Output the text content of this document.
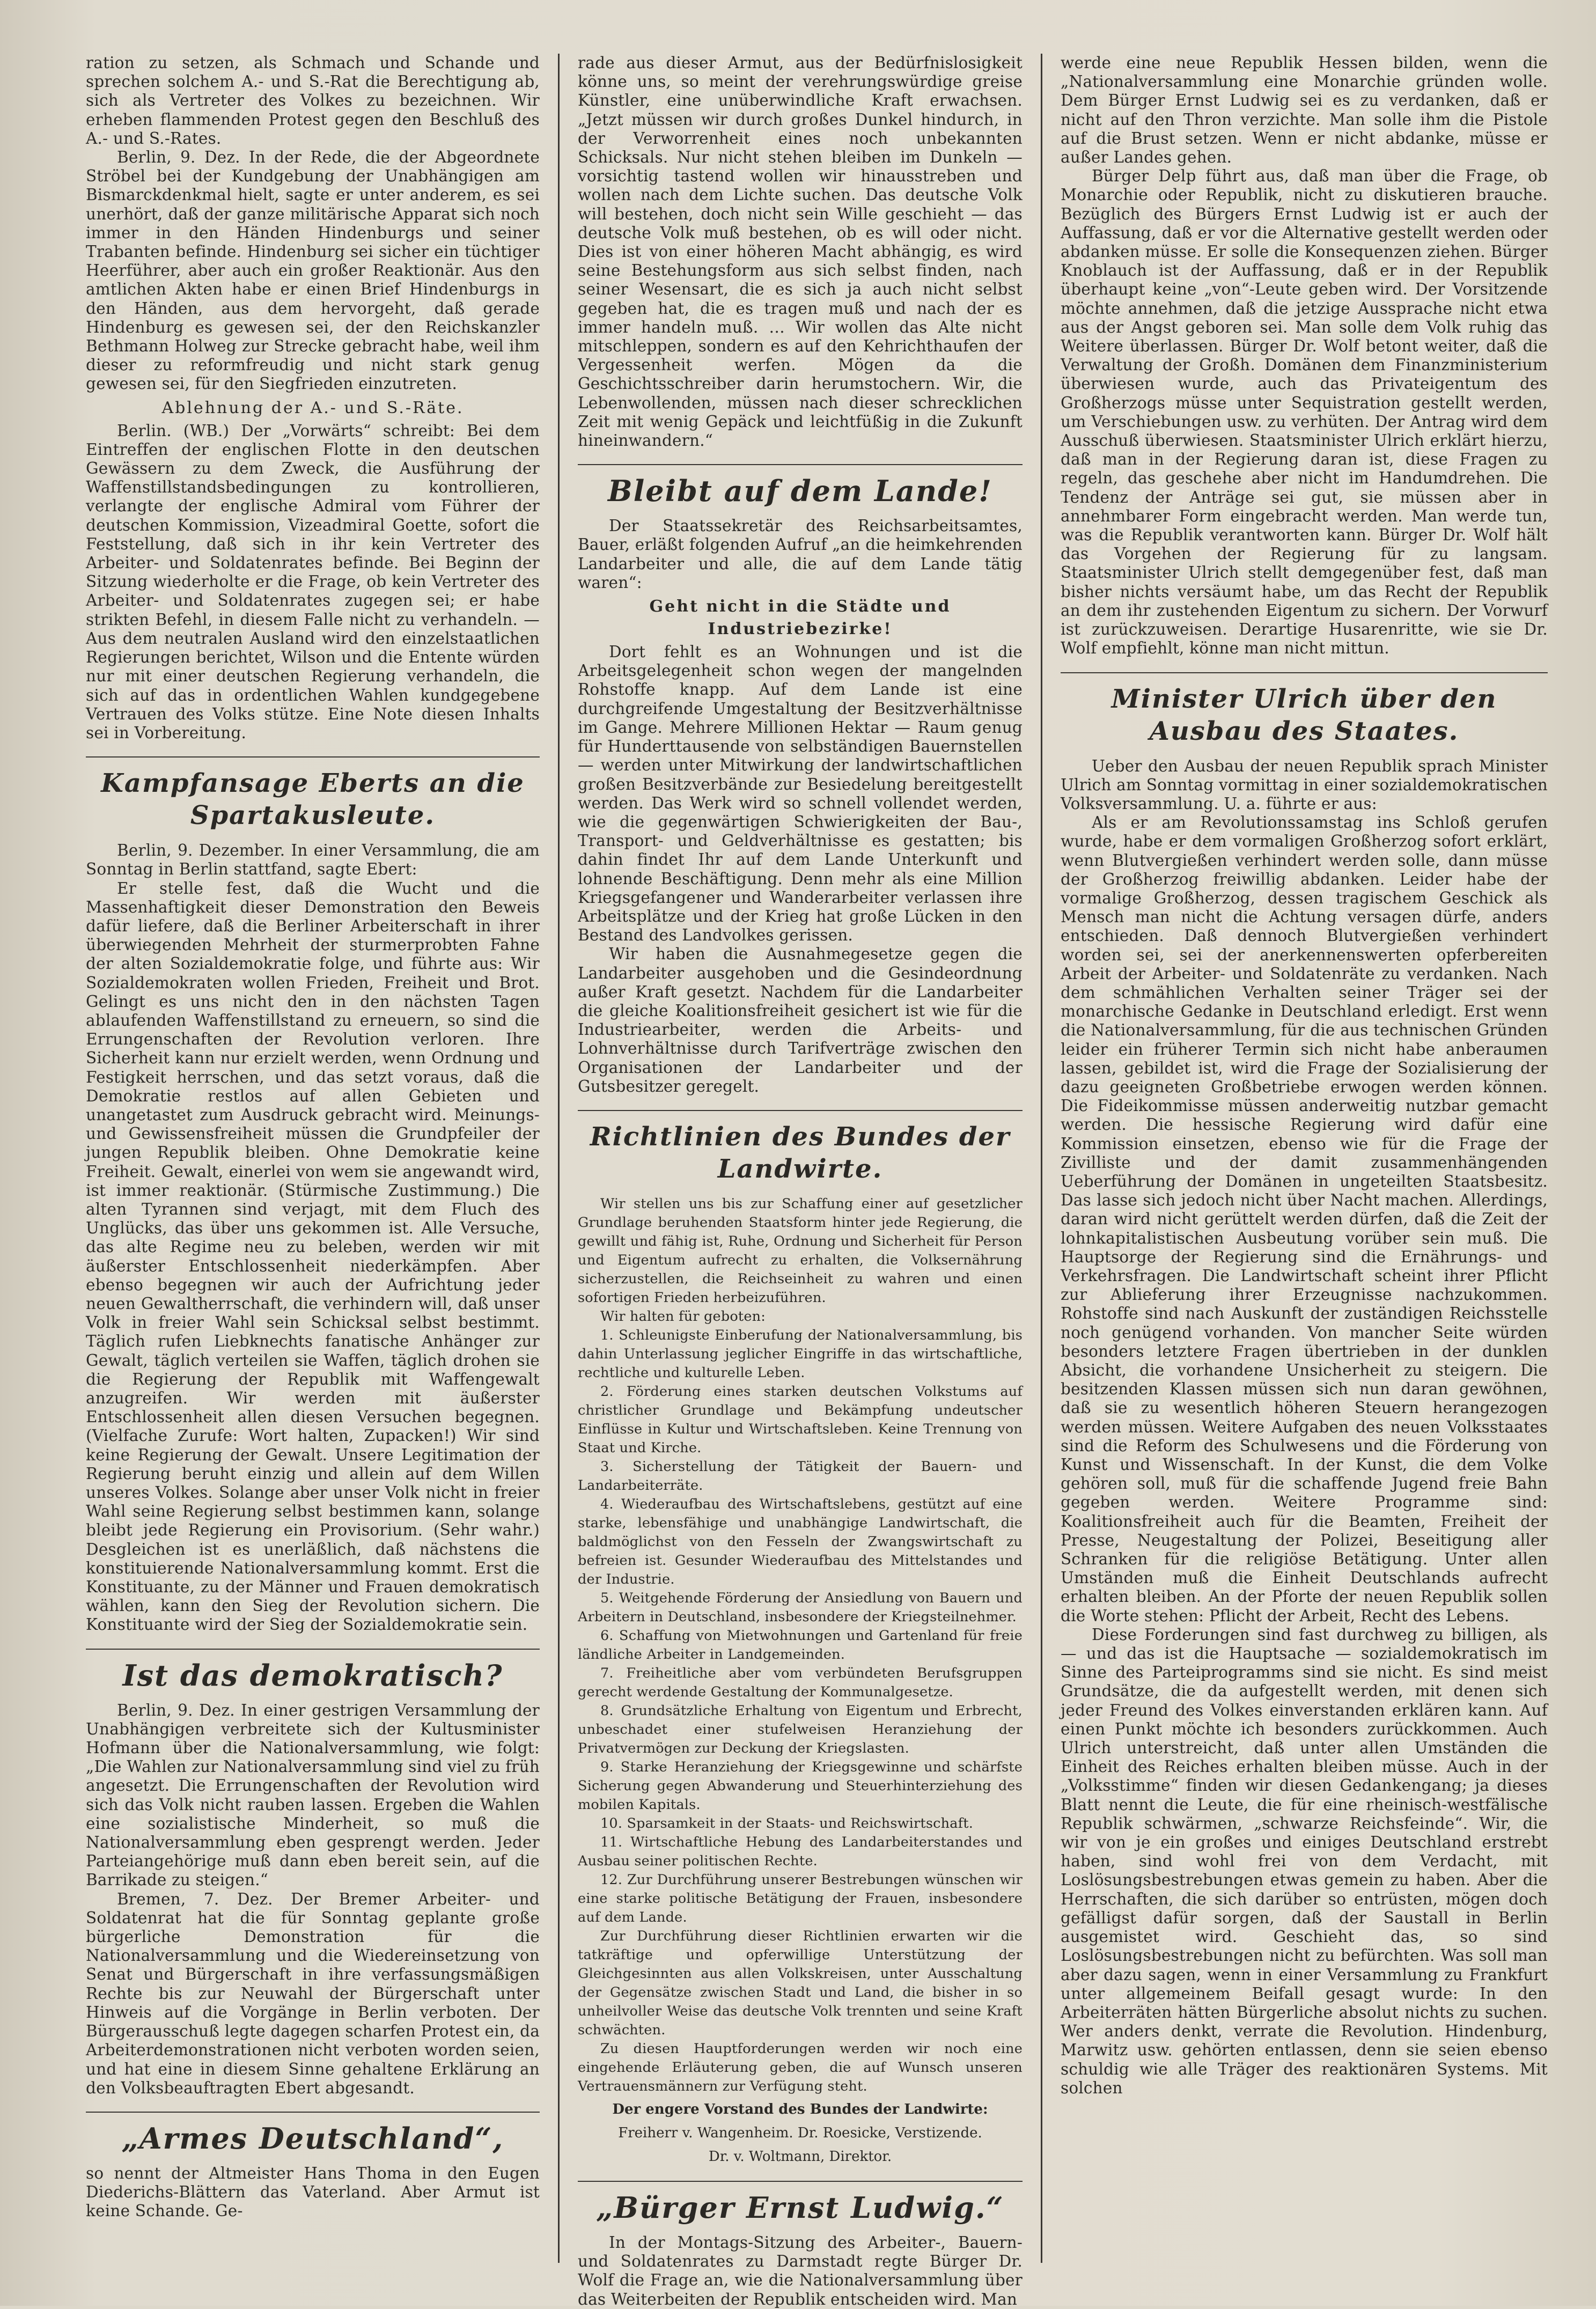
ration zu setzen, als Schmach und Schande und sprechen solchem A.- und S.-Rat die Berechtigung ab, sich als Vertreter des Volkes zu bezeichnen. Wir erheben flammenden Protest gegen den Beschluß des A.- und S.-Rates.

Berlin, 9. Dez. In der Rede, die der Abgeordnete Ströbel bei der Kundgebung der Unabhängigen am Bismarckdenkmal hielt, sagte er unter anderem, es sei unerhört, daß der ganze militärische Apparat sich noch immer in den Händen Hindenburgs und seiner Trabanten befinde. Hindenburg sei sicher ein tüchtiger Heerführer, aber auch ein großer Reaktionär. Aus den amtlichen Akten habe er einen Brief Hindenburgs in den Händen, aus dem hervorgeht, daß gerade Hindenburg es gewesen sei, der den Reichskanzler Bethmann Holweg zur Strecke gebracht habe, weil ihm dieser zu reformfreudig und nicht stark genug gewesen sei, für den Siegfrieden einzutreten.

Ablehnung der A.- und S.-Räte.

Berlin. (WB.) Der „Vorwärts“ schreibt: Bei dem Eintreffen der englischen Flotte in den deutschen Gewässern zu dem Zweck, die Ausführung der Waffenstillstandsbedingungen zu kontrollieren, verlangte der englische Admiral vom Führer der deutschen Kommission, Vizeadmiral Goette, sofort die Feststellung, daß sich in ihr kein Vertreter des Arbeiter- und Soldatenrates befinde. Bei Beginn der Sitzung wiederholte er die Frage, ob kein Vertreter des Arbeiter- und Soldatenrates zugegen sei; er habe strikten Befehl, in diesem Falle nicht zu verhandeln. — Aus dem neutralen Ausland wird den einzelstaatlichen Regierungen berichtet, Wilson und die Entente würden nur mit einer deutschen Regierung verhandeln, die sich auf das in ordentlichen Wahlen kundgegebene Vertrauen des Volks stütze. Eine Note diesen Inhalts sei in Vorbereitung.

Kampfansage Eberts an die Spartakusleute.

Berlin, 9. Dezember. In einer Versammlung, die am Sonntag in Berlin stattfand, sagte Ebert:

Er stelle fest, daß die Wucht und die Massenhaftigkeit dieser Demonstration den Beweis dafür liefere, daß die Berliner Arbeiterschaft in ihrer überwiegenden Mehrheit der sturmerprobten Fahne der alten Sozialdemokratie folge, und führte aus: Wir Sozialdemokraten wollen Frieden, Freiheit und Brot. Gelingt es uns nicht den in den nächsten Tagen ablaufenden Waffenstillstand zu erneuern, so sind die Errungenschaften der Revolution verloren. Ihre Sicherheit kann nur erzielt werden, wenn Ordnung und Festigkeit herrschen, und das setzt voraus, daß die Demokratie restlos auf allen Gebieten und unangetastet zum Ausdruck gebracht wird. Meinungs- und Gewissensfreiheit müssen die Grundpfeiler der jungen Republik bleiben. Ohne Demokratie keine Freiheit. Gewalt, einerlei von wem sie angewandt wird, ist immer reaktionär. (Stürmische Zustimmung.) Die alten Tyrannen sind verjagt, mit dem Fluch des Unglücks, das über uns gekommen ist. Alle Versuche, das alte Regime neu zu beleben, werden wir mit äußerster Entschlossenheit niederkämpfen. Aber ebenso begegnen wir auch der Aufrichtung jeder neuen Gewaltherrschaft, die verhindern will, daß unser Volk in freier Wahl sein Schicksal selbst bestimmt. Täglich rufen Liebknechts fanatische Anhänger zur Gewalt, täglich verteilen sie Waffen, täglich drohen sie die Regierung der Republik mit Waffengewalt anzugreifen. Wir werden mit äußerster Entschlossenheit allen diesen Versuchen begegnen. (Vielfache Zurufe: Wort halten, Zupacken!) Wir sind keine Regierung der Gewalt. Unsere Legitimation der Regierung beruht einzig und allein auf dem Willen unseres Volkes. Solange aber unser Volk nicht in freier Wahl seine Regierung selbst bestimmen kann, solange bleibt jede Regierung ein Provisorium. (Sehr wahr.) Desgleichen ist es unerläßlich, daß nächstens die konstituierende Nationalversammlung kommt. Erst die Konstituante, zu der Männer und Frauen demokratisch wählen, kann den Sieg der Revolution sichern. Die Konstituante wird der Sieg der Sozialdemokratie sein.

Ist das demokratisch?

Berlin, 9. Dez. In einer gestrigen Versammlung der Unabhängigen verbreitete sich der Kultusminister Hofmann über die Nationalversammlung, wie folgt: „Die Wahlen zur Nationalversammlung sind viel zu früh angesetzt. Die Errungenschaften der Revolution wird sich das Volk nicht rauben lassen. Ergeben die Wahlen eine sozialistische Minderheit, so muß die Nationalversammlung eben gesprengt werden. Jeder Parteiangehörige muß dann eben bereit sein, auf die Barrikade zu steigen.“

Bremen, 7. Dez. Der Bremer Arbeiter- und Soldatenrat hat die für Sonntag geplante große bürgerliche Demonstration für die Nationalversammlung und die Wiedereinsetzung von Senat und Bürgerschaft in ihre verfassungsmäßigen Rechte bis zur Neuwahl der Bürgerschaft unter Hinweis auf die Vorgänge in Berlin verboten. Der Bürgerausschuß legte dagegen scharfen Protest ein, da Arbeiterdemonstrationen nicht verboten worden seien, und hat eine in diesem Sinne gehaltene Erklärung an den Volksbeauftragten Ebert abgesandt.

„Armes Deutschland“,

so nennt der Altmeister Hans Thoma in den Eugen Diederichs-Blättern das Vaterland. Aber Armut ist keine Schande. Ge-

rade aus dieser Armut, aus der Bedürfnislosigkeit könne uns, so meint der verehrungswürdige greise Künstler, eine unüberwindliche Kraft erwachsen. „Jetzt müssen wir durch großes Dunkel hindurch, in der Verworrenheit eines noch unbekannten Schicksals. Nur nicht stehen bleiben im Dunkeln — vorsichtig tastend wollen wir hinausstreben und wollen nach dem Lichte suchen. Das deutsche Volk will bestehen, doch nicht sein Wille geschieht — das deutsche Volk muß bestehen, ob es will oder nicht. Dies ist von einer höheren Macht abhängig, es wird seine Bestehungsform aus sich selbst finden, nach seiner Wesensart, die es sich ja auch nicht selbst gegeben hat, die es tragen muß und nach der es immer handeln muß. … Wir wollen das Alte nicht mitschleppen, sondern es auf den Kehrichthaufen der Vergessenheit werfen. Mögen da die Geschichtsschreiber darin herumstochern. Wir, die Lebenwollenden, müssen nach dieser schrecklichen Zeit mit wenig Gepäck und leichtfüßig in die Zukunft hineinwandern.“

Bleibt auf dem Lande!

Der Staatssekretär des Reichsarbeitsamtes, Bauer, erläßt folgenden Aufruf „an die heimkehrenden Landarbeiter und alle, die auf dem Lande tätig waren“:

Geht nicht in die Städte und Industriebezirke!

Dort fehlt es an Wohnungen und ist die Arbeitsgelegenheit schon wegen der mangelnden Rohstoffe knapp. Auf dem Lande ist eine durchgreifende Umgestaltung der Besitzverhältnisse im Gange. Mehrere Millionen Hektar — Raum genug für Hunderttausende von selbständigen Bauernstellen — werden unter Mitwirkung der landwirtschaftlichen großen Besitzverbände zur Besiedelung bereitgestellt werden. Das Werk wird so schnell vollendet werden, wie die gegenwärtigen Schwierigkeiten der Bau-, Transport- und Geldverhältnisse es gestatten; bis dahin findet Ihr auf dem Lande Unterkunft und lohnende Beschäftigung. Denn mehr als eine Million Kriegsgefangener und Wanderarbeiter verlassen ihre Arbeitsplätze und der Krieg hat große Lücken in den Bestand des Landvolkes gerissen.

Wir haben die Ausnahmegesetze gegen die Landarbeiter ausgehoben und die Gesindeordnung außer Kraft gesetzt. Nachdem für die Landarbeiter die gleiche Koalitionsfreiheit gesichert ist wie für die Industriearbeiter, werden die Arbeits- und Lohnverhältnisse durch Tarifverträge zwischen den Organisationen der Landarbeiter und der Gutsbesitzer geregelt.

Richtlinien des Bundes der Landwirte.

Wir stellen uns bis zur Schaffung einer auf gesetzlicher Grundlage beruhenden Staatsform hinter jede Regierung, die gewillt und fähig ist, Ruhe, Ordnung und Sicherheit für Person und Eigentum aufrecht zu erhalten, die Volksernährung sicherzustellen, die Reichseinheit zu wahren und einen sofortigen Frieden herbeizuführen.

Wir halten für geboten:

1. Schleunigste Einberufung der Nationalversammlung, bis dahin Unterlassung jeglicher Eingriffe in das wirtschaftliche, rechtliche und kulturelle Leben.

2. Förderung eines starken deutschen Volkstums auf christlicher Grundlage und Bekämpfung undeutscher Einflüsse in Kultur und Wirtschaftsleben. Keine Trennung von Staat und Kirche.

3. Sicherstellung der Tätigkeit der Bauern- und Landarbeiterräte.

4. Wiederaufbau des Wirtschaftslebens, gestützt auf eine starke, lebensfähige und unabhängige Landwirtschaft, die baldmöglichst von den Fesseln der Zwangswirtschaft zu befreien ist. Gesunder Wiederaufbau des Mittelstandes und der Industrie.

5. Weitgehende Förderung der Ansiedlung von Bauern und Arbeitern in Deutschland, insbesondere der Kriegsteilnehmer.

6. Schaffung von Mietwohnungen und Gartenland für freie ländliche Arbeiter in Landgemeinden.

7. Freiheitliche aber vom verbündeten Berufsgruppen gerecht werdende Gestaltung der Kommunalgesetze.

8. Grundsätzliche Erhaltung von Eigentum und Erbrecht, unbeschadet einer stufelweisen Heranziehung der Privatvermögen zur Deckung der Kriegslasten.

9. Starke Heranziehung der Kriegsgewinne und schärfste Sicherung gegen Abwanderung und Steuerhinterziehung des mobilen Kapitals.

10. Sparsamkeit in der Staats- und Reichswirtschaft.

11. Wirtschaftliche Hebung des Landarbeiterstandes und Ausbau seiner politischen Rechte.

12. Zur Durchführung unserer Bestrebungen wünschen wir eine starke politische Betätigung der Frauen, insbesondere auf dem Lande.

Zur Durchführung dieser Richtlinien erwarten wir die tatkräftige und opferwillige Unterstützung der Gleichgesinnten aus allen Volkskreisen, unter Ausschaltung der Gegensätze zwischen Stadt und Land, die bisher in so unheilvoller Weise das deutsche Volk trennten und seine Kraft schwächten.

Zu diesen Hauptforderungen werden wir noch eine eingehende Erläuterung geben, die auf Wunsch unseren Vertrauensmännern zur Verfügung steht.

Der engere Vorstand des Bundes der Landwirte:
Freiherr v. Wangenheim. Dr. Roesicke, Verstizende.
Dr. v. Woltmann, Direktor.
„Bürger Ernst Ludwig.“

In der Montags-Sitzung des Arbeiter-, Bauern- und Soldatenrates zu Darmstadt regte Bürger Dr. Wolf die Frage an, wie die Nationalversammlung über das Weiterbeiten der Republik entscheiden wird. Man

werde eine neue Republik Hessen bilden, wenn die „Nationalversammlung eine Monarchie gründen wolle. Dem Bürger Ernst Ludwig sei es zu verdanken, daß er nicht auf den Thron verzichte. Man solle ihm die Pistole auf die Brust setzen. Wenn er nicht abdanke, müsse er außer Landes gehen.

Bürger Delp führt aus, daß man über die Frage, ob Monarchie oder Republik, nicht zu diskutieren brauche. Bezüglich des Bürgers Ernst Ludwig ist er auch der Auffassung, daß er vor die Alternative gestellt werden oder abdanken müsse. Er solle die Konsequenzen ziehen. Bürger Knoblauch ist der Auffassung, daß er in der Republik überhaupt keine „von“-Leute geben wird. Der Vorsitzende möchte annehmen, daß die jetzige Aussprache nicht etwa aus der Angst geboren sei. Man solle dem Volk ruhig das Weitere überlassen. Bürger Dr. Wolf betont weiter, daß die Verwaltung der Großh. Domänen dem Finanzministerium überwiesen wurde, auch das Privateigentum des Großherzogs müsse unter Sequistration gestellt werden, um Verschiebungen usw. zu verhüten. Der Antrag wird dem Ausschuß überwiesen. Staatsminister Ulrich erklärt hierzu, daß man in der Regierung daran ist, diese Fragen zu regeln, das geschehe aber nicht im Handumdrehen. Die Tendenz der Anträge sei gut, sie müssen aber in annehmbarer Form eingebracht werden. Man werde tun, was die Republik verantworten kann. Bürger Dr. Wolf hält das Vorgehen der Regierung für zu langsam. Staatsminister Ulrich stellt demgegenüber fest, daß man bisher nichts versäumt habe, um das Recht der Republik an dem ihr zustehenden Eigentum zu sichern. Der Vorwurf ist zurückzuweisen. Derartige Husarenritte, wie sie Dr. Wolf empfiehlt, könne man nicht mittun.

Minister Ulrich über den Ausbau des Staates.

Ueber den Ausbau der neuen Republik sprach Minister Ulrich am Sonntag vormittag in einer sozialdemokratischen Volksversammlung. U. a. führte er aus:

Als er am Revolutionssamstag ins Schloß gerufen wurde, habe er dem vormaligen Großherzog sofort erklärt, wenn Blutvergießen verhindert werden solle, dann müsse der Großherzog freiwillig abdanken. Leider habe der vormalige Großherzog, dessen tragischem Geschick als Mensch man nicht die Achtung versagen dürfe, anders entschieden. Daß dennoch Blutvergießen verhindert worden sei, sei der anerkennenswerten opferbereiten Arbeit der Arbeiter- und Soldatenräte zu verdanken. Nach dem schmählichen Verhalten seiner Träger sei der monarchische Gedanke in Deutschland erledigt. Erst wenn die Nationalversammlung, für die aus technischen Gründen leider ein früherer Termin sich nicht habe anberaumen lassen, gebildet ist, wird die Frage der Sozialisierung der dazu geeigneten Großbetriebe erwogen werden können. Die Fideikommisse müssen anderweitig nutzbar gemacht werden. Die hessische Regierung wird dafür eine Kommission einsetzen, ebenso wie für die Frage der Zivilliste und der damit zusammenhängenden Ueberführung der Domänen in ungeteilten Staatsbesitz. Das lasse sich jedoch nicht über Nacht machen. Allerdings, daran wird nicht gerüttelt werden dürfen, daß die Zeit der lohnkapitalistischen Ausbeutung vorüber sein muß. Die Hauptsorge der Regierung sind die Ernährungs- und Verkehrsfragen. Die Landwirtschaft scheint ihrer Pflicht zur Ablieferung ihrer Erzeugnisse nachzukommen. Rohstoffe sind nach Auskunft der zuständigen Reichsstelle noch genügend vorhanden. Von mancher Seite würden besonders letztere Fragen übertrieben in der dunklen Absicht, die vorhandene Unsicherheit zu steigern. Die besitzenden Klassen müssen sich nun daran gewöhnen, daß sie zu wesentlich höheren Steuern herangezogen werden müssen. Weitere Aufgaben des neuen Volksstaates sind die Reform des Schulwesens und die Förderung von Kunst und Wissenschaft. In der Kunst, die dem Volke gehören soll, muß für die schaffende Jugend freie Bahn gegeben werden. Weitere Programme sind: Koalitionsfreiheit auch für die Beamten, Freiheit der Presse, Neugestaltung der Polizei, Beseitigung aller Schranken für die religiöse Betätigung. Unter allen Umständen muß die Einheit Deutschlands aufrecht erhalten bleiben. An der Pforte der neuen Republik sollen die Worte stehen: Pflicht der Arbeit, Recht des Lebens.

Diese Forderungen sind fast durchweg zu billigen, als — und das ist die Hauptsache — sozialdemokratisch im Sinne des Parteiprogramms sind sie nicht. Es sind meist Grundsätze, die da aufgestellt werden, mit denen sich jeder Freund des Volkes einverstanden erklären kann. Auf einen Punkt möchte ich besonders zurückkommen. Auch Ulrich unterstreicht, daß unter allen Umständen die Einheit des Reiches erhalten bleiben müsse. Auch in der „Volksstimme“ finden wir diesen Gedankengang; ja dieses Blatt nennt die Leute, die für eine rheinisch-westfälische Republik schwärmen, „schwarze Reichsfeinde“. Wir, die wir von je ein großes und einiges Deutschland erstrebt haben, sind wohl frei von dem Verdacht, mit Loslösungsbestrebungen etwas gemein zu haben. Aber die Herrschaften, die sich darüber so entrüsten, mögen doch gefälligst dafür sorgen, daß der Saustall in Berlin ausgemistet wird. Geschieht das, so sind Loslösungsbestrebungen nicht zu befürchten. Was soll man aber dazu sagen, wenn in einer Versammlung zu Frankfurt unter allgemeinem Beifall gesagt wurde: In den Arbeiterräten hätten Bürgerliche absolut nichts zu suchen. Wer anders denkt, verrate die Revolution. Hindenburg, Marwitz usw. gehörten entlassen, denn sie seien ebenso schuldig wie alle Träger des reaktionären Systems. Mit solchen
